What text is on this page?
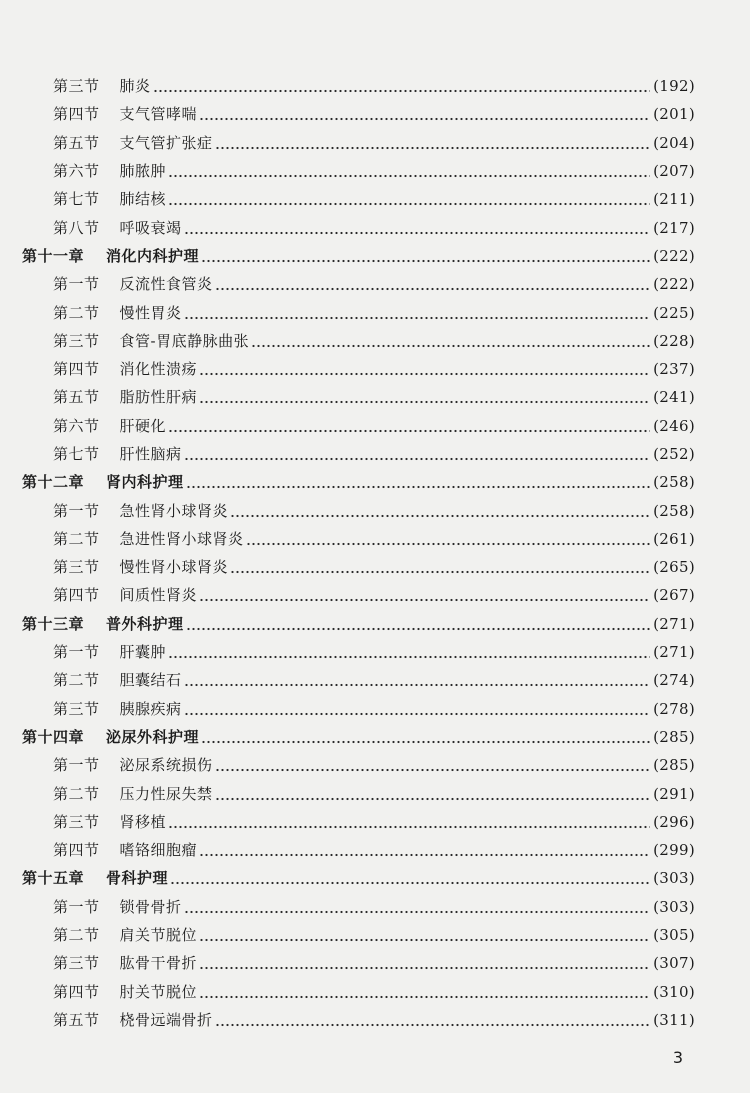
第三节 肺炎	(192)
第四节 支气管哮喘	(201)
第五节 支气管扩张症	(204)
第六节 肺脓肿	(207)
第七节 肺结核	(211)
第八节 呼吸衰竭	(217)
第十一章 消化内科护理	(222)
第一节 反流性食管炎	(222)
第二节 慢性胃炎	(225)
第三节 食管-胃底静脉曲张	(228)
第四节 消化性溃疡	(237)
第五节 脂肪性肝病	(241)
第六节 肝硬化	(246)
第七节 肝性脑病	(252)
第十二章 肾内科护理	(258)
第一节 急性肾小球肾炎	(258)
第二节 急进性肾小球肾炎	(261)
第三节 慢性肾小球肾炎	(265)
第四节 间质性肾炎	(267)
第十三章 普外科护理	(271)
第一节 肝囊肿	(271)
第二节 胆囊结石	(274)
第三节 胰腺疾病	(278)
第十四章 泌尿外科护理	(285)
第一节 泌尿系统损伤	(285)
第二节 压力性尿失禁	(291)
第三节 肾移植	(296)
第四节 嗜铬细胞瘤	(299)
第十五章 骨科护理	(303)
第一节 锁骨骨折	(303)
第二节 肩关节脱位	(305)
第三节 肱骨干骨折	(307)
第四节 肘关节脱位	(310)
第五节 桡骨远端骨折	(311)
3
